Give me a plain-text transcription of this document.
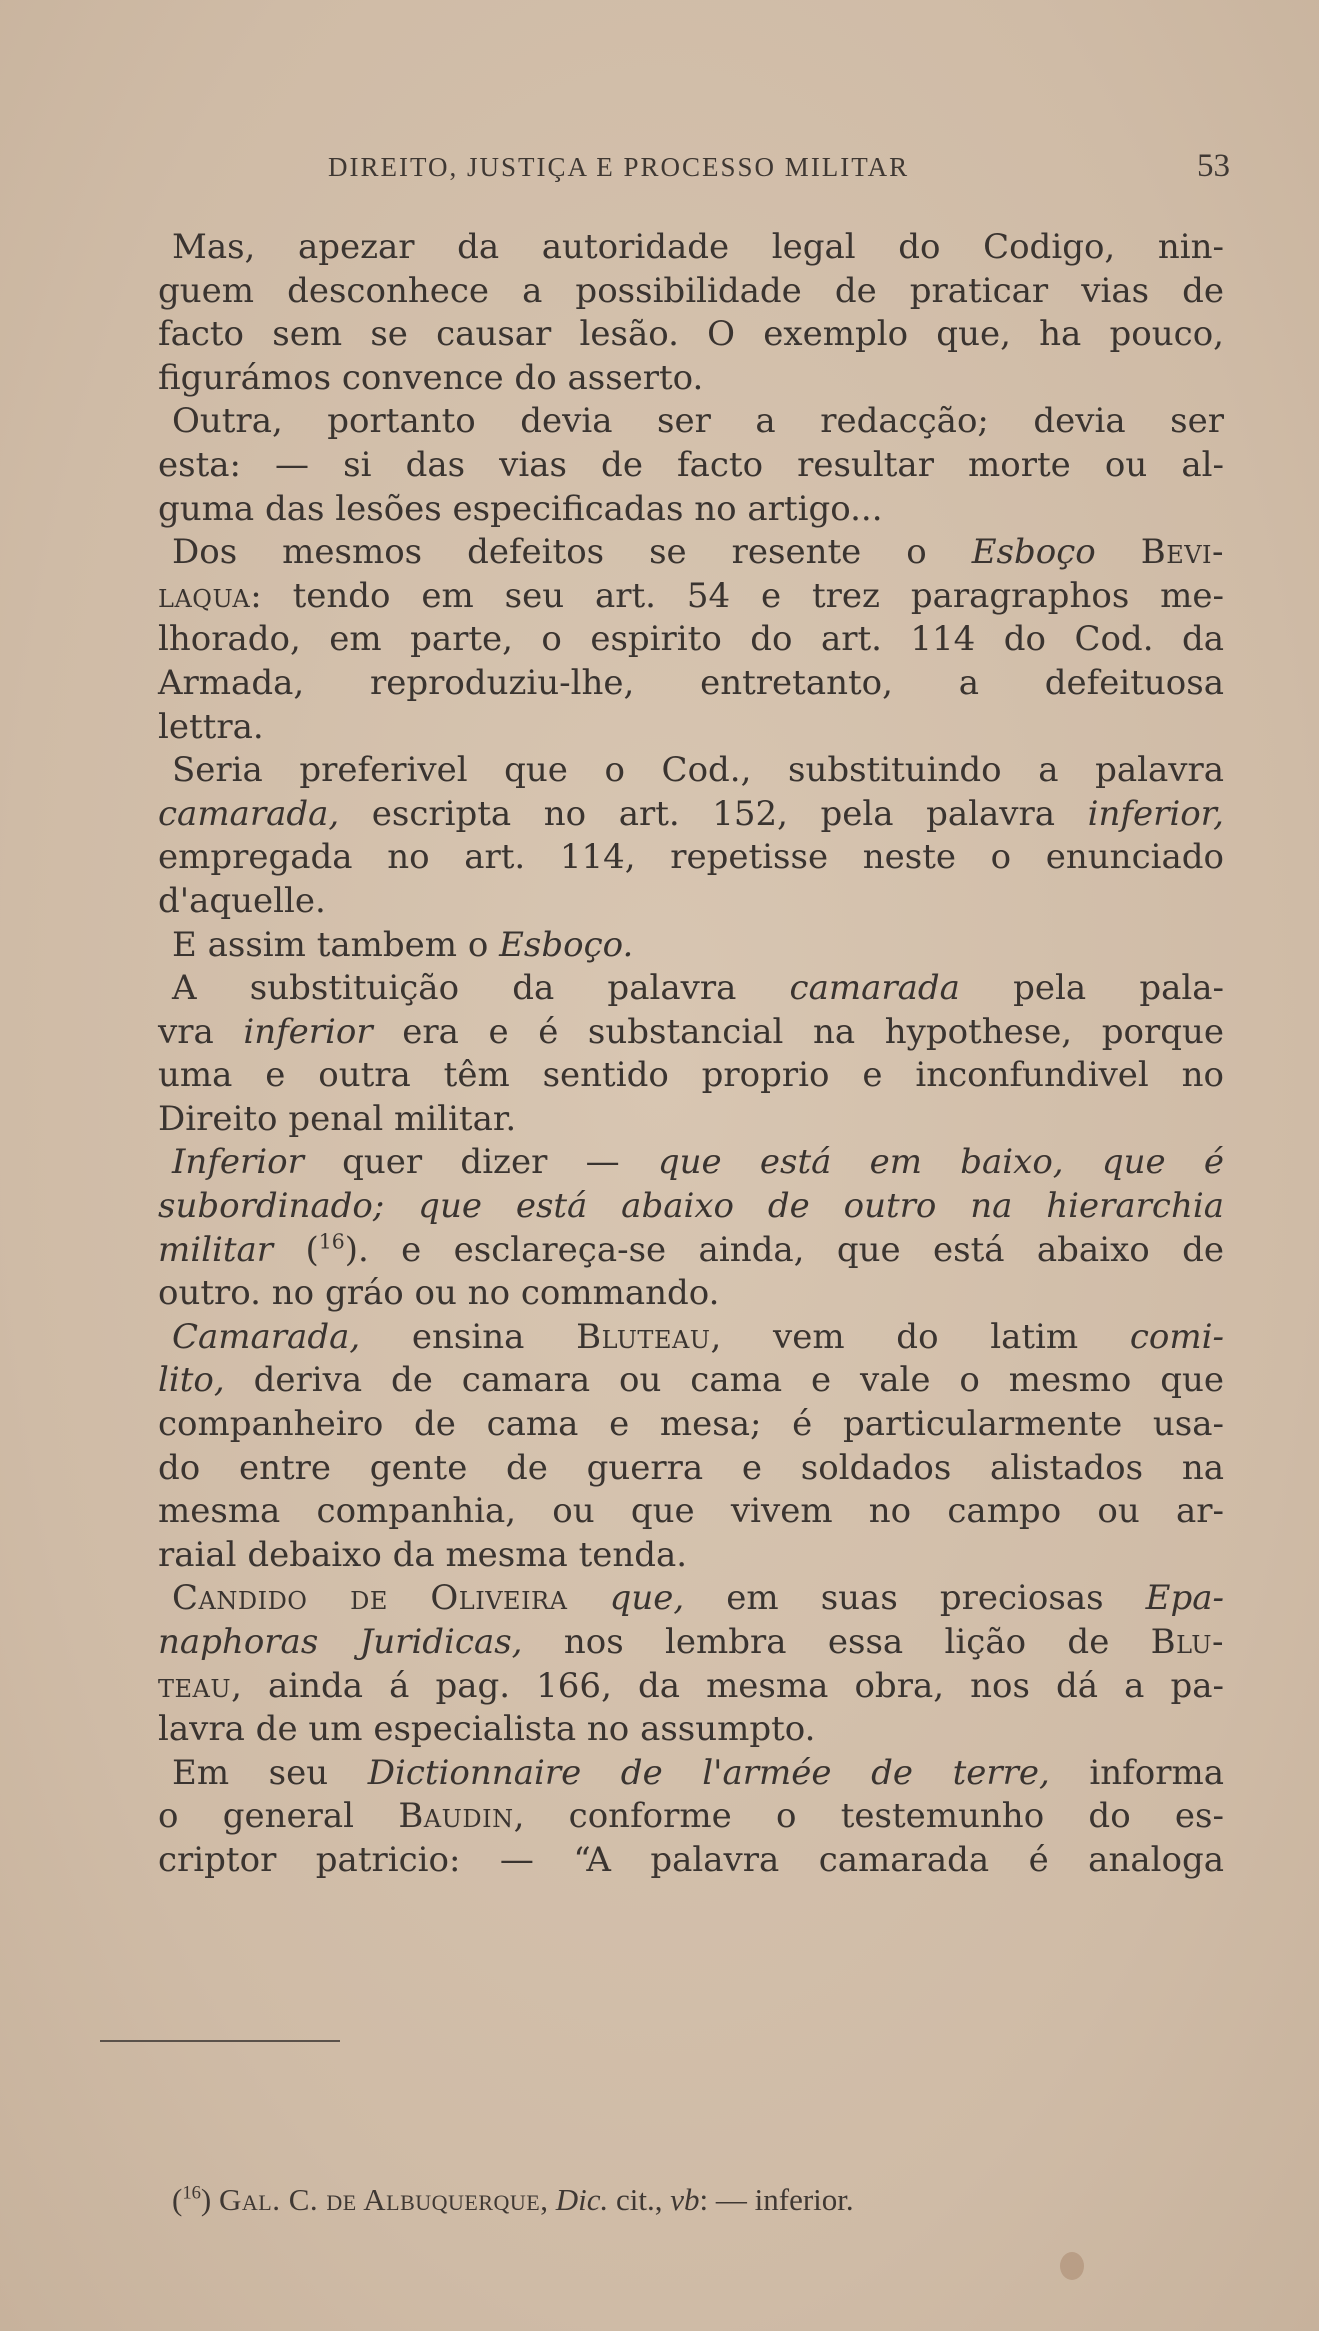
DIREITO, JUSTIÇA E PROCESSO MILITAR	53

Mas, apezar da autoridade legal do Codigo, nin-
guem desconhece a possibilidade de praticar vias de
facto sem se causar lesão. O exemplo que, ha pouco,
figurámos convence do asserto.

Outra, portanto devia ser a redacção; devia ser
esta: — si das vias de facto resultar morte ou al-
guma das lesões especificadas no artigo...

Dos mesmos defeitos se resente o Esboço Bevi-
laqua: tendo em seu art. 54 e trez paragraphos me-
lhorado, em parte, o espirito do art. 114 do Cod. da
Armada, reproduziu-lhe, entretanto, a defeituosa
lettra.

Seria preferivel que o Cod., substituindo a palavra
camarada, escripta no art. 152, pela palavra inferior,
empregada no art. 114, repetisse neste o enunciado
d'aquelle.

E assim tambem o Esboço.

A substituição da palavra camarada pela pala-
vra inferior era e é substancial na hypothese, porque
uma e outra têm sentido proprio e inconfundivel no
Direito penal militar.

Inferior quer dizer — que está em baixo, que é
subordinado; que está abaixo de outro na hierarchia
militar ($^{16}$). e esclareça-se ainda, que está abaixo de
outro. no gráo ou no commando.

Camarada, ensina Bluteau, vem do latim comi-
lito, deriva de camara ou cama e vale o mesmo que
companheiro de cama e mesa; é particularmente usa-
do entre gente de guerra e soldados alistados na
mesma companhia, ou que vivem no campo ou ar-
raial debaixo da mesma tenda.

Candido de Oliveira que, em suas preciosas Epa-
naphoras Juridicas, nos lembra essa lição de Blu-
teau, ainda á pag. 166, da mesma obra, nos dá a pa-
lavra de um especialista no assumpto.

Em seu Dictionnaire de l'armée de terre, informa
o general Baudin, conforme o testemunho do es-
criptor patricio: — “A palavra camarada é analoga

($^{16}$) Gal. C. de Albuquerque, Dic. cit., vb: — inferior.
